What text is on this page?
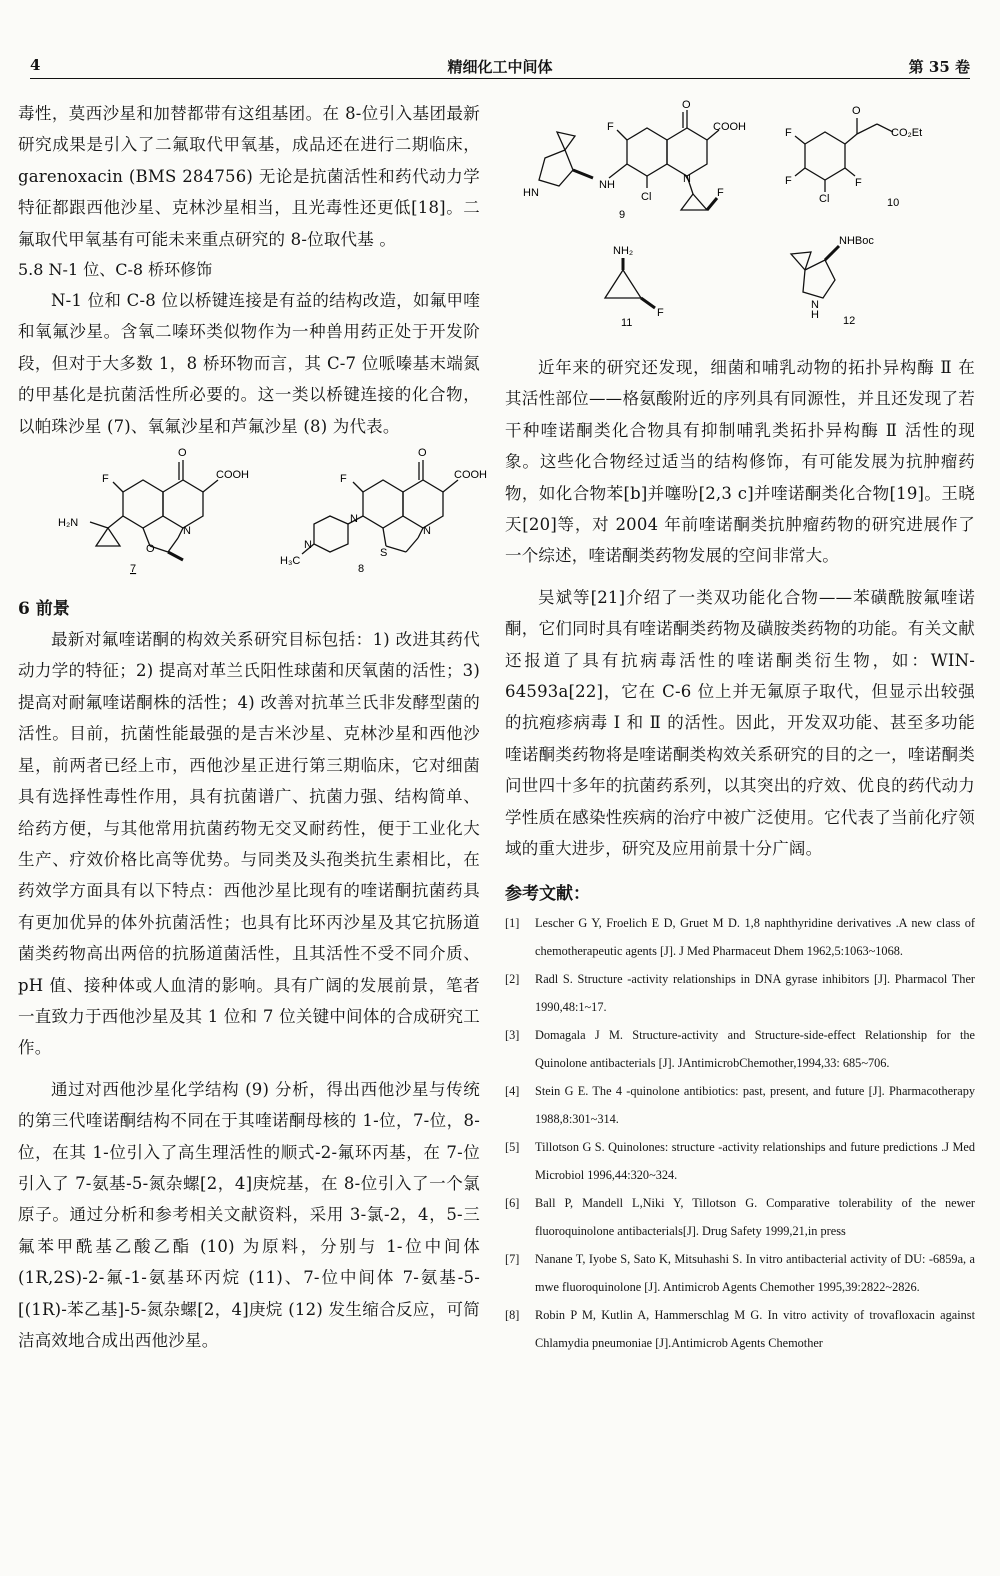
4	精细化工中间体	第 35 卷

毒性，莫西沙星和加替都带有这组基团。在 8-位引入基团最新研究成果是引入了二氟取代甲氧基，成品还在进行二期临床，garenoxacin (BMS 284756) 无论是抗菌活性和药代动力学特征都跟西他沙星、克林沙星相当，且光毒性还更低[18]。二氟取代甲氧基有可能未来重点研究的 8-位取代基 。

5.8 N-1 位、C-8 桥环修饰

N-1 位和 C-8 位以桥键连接是有益的结构改造，如氟甲喹和氧氟沙星。含氧二嗪环类似物作为一种兽用药正处于开发阶段，但对于大多数 1，8 桥环物而言，其 C-7 位哌嗪基末端氮的甲基化是抗菌活性所必要的。这一类以桥键连接的化合物，以帕珠沙星 (7)、氧氟沙星和芦氟沙星 (8) 为代表。

O
COOH
F
H₂N
N
O
7
O
COOH
F
N
N
N
S
H₃C
8

6 前景

最新对氟喹诺酮的构效关系研究目标包括：1) 改进其药代动力学的特征；2) 提高对革兰氏阳性球菌和厌氧菌的活性；3) 提高对耐氟喹诺酮株的活性；4) 改善对抗革兰氏非发酵型菌的活性。目前，抗菌性能最强的是吉米沙星、克林沙星和西他沙星，前两者已经上市，西他沙星正进行第三期临床，它对细菌具有选择性毒性作用，具有抗菌谱广、抗菌力强、结构简单、给药方便，与其他常用抗菌药物无交叉耐药性，便于工业化大生产、疗效价格比高等优势。与同类及头孢类抗生素相比，在药效学方面具有以下特点：西他沙星比现有的喹诺酮抗菌药具有更加优异的体外抗菌活性；也具有比环丙沙星及其它抗肠道菌类药物高出两倍的抗肠道菌活性，且其活性不受不同介质、pH 值、接种体或人血清的影响。具有广阔的发展前景，笔者一直致力于西他沙星及其 1 位和 7 位关键中间体的合成研究工作。

通过对西他沙星化学结构 (9) 分析，得出西他沙星与传统的第三代喹诺酮结构不同在于其喹诺酮母核的 1-位，7-位，8-位，在其 1-位引入了高生理活性的顺式-2-氟环丙基，在 7-位引入了 7-氨基-5-氮杂螺[2，4]庚烷基，在 8-位引入了一个氯原子。通过分析和参考相关文献资料，采用 3-氯-2，4，5-三氟苯甲酰基乙酸乙酯 (10) 为原料，分别与 1-位中间体(1R,2S)-2-氟-1-氨基环丙烷 (11)、7-位中间体 7-氨基-5-[(1R)-苯乙基]-5-氮杂螺[2，4]庚烷 (12) 发生缩合反应，可简洁高效地合成出西他沙星。

O
COOH
F
HN
NH
Cl
N
F
9
O
CO₂Et
F
F	F
Cl	10
NH₂
F
11
NHBoc
N
H 12

近年来的研究还发现，细菌和哺乳动物的拓扑异构酶 Ⅱ 在其活性部位——格氨酸附近的序列具有同源性，并且还发现了若干种喹诺酮类化合物具有抑制哺乳类拓扑异构酶 Ⅱ 活性的现象。这些化合物经过适当的结构修饰，有可能发展为抗肿瘤药物，如化合物苯[b]并噻吩[2,3 c]并喹诺酮类化合物[19]。王晓天[20]等，对 2004 年前喹诺酮类抗肿瘤药物的研究进展作了一个综述，喹诺酮类药物发展的空间非常大。

吴斌等[21]介绍了一类双功能化合物——苯磺酰胺氟喹诺酮，它们同时具有喹诺酮类药物及磺胺类药物的功能。有关文献还报道了具有抗病毒活性的喹诺酮类衍生物，如：WIN-64593a[22]，它在 C-6 位上并无氟原子取代，但显示出较强的抗疱疹病毒 Ⅰ 和 Ⅱ 的活性。因此，开发双功能、甚至多功能喹诺酮类药物将是喹诺酮类构效关系研究的目的之一，喹诺酮类问世四十多年的抗菌药系列，以其突出的疗效、优良的药代动力学性质在感染性疾病的治疗中被广泛使用。它代表了当前化疗领域的重大进步，研究及应用前景十分广阔。

参考文献：

[1] Lescher G Y, Froelich E D, Gruet M D. 1,8 naphthyridine derivatives .A new class of chemotherapeutic agents [J]. J Med Pharmaceut Dhem 1962,5:1063~1068.
[2] Radl S. Structure -activity relationships in DNA gyrase inhibitors [J]. Pharmacol Ther 1990,48:1~17.
[3] Domagala J M. Structure-activity and Structure-side-effect Relationship for the Quinolone antibacterials [J]. JAntimicrobChemother,1994,33: 685~706.
[4] Stein G E. The 4 -quinolone antibiotics: past, present, and future [J]. Pharmacotherapy 1988,8:301~314.
[5] Tillotson G S. Quinolones: structure -activity relationships and future predictions .J Med Microbiol 1996,44:320~324.
[6] Ball P, Mandell L,Niki Y, Tillotson G. Comparative tolerability of the newer fluoroquinolone antibacterials[J]. Drug Safety 1999,21,in press
[7] Nanane T, Iyobe S, Sato K, Mitsuhashi S. In vitro antibacterial activity of DU: -6859a, a mwe fluoroquinolone [J]. Antimicrob Agents Chemother 1995,39:2822~2826.
[8] Robin P M, Kutlin A, Hammerschlag M G. In vitro activity of trovafloxacin against Chlamydia pneumoniae [J].Antimicrob Agents Chemother
